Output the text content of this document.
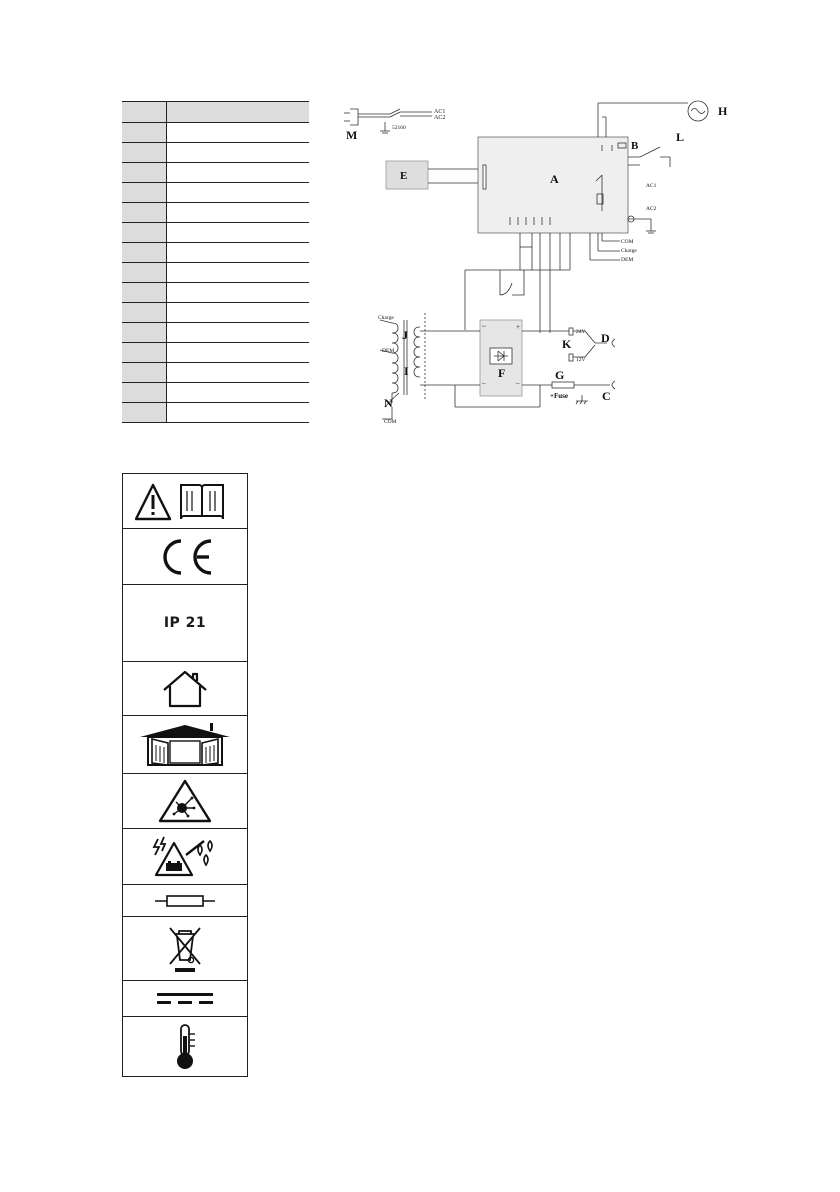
M
AC1
AC2
52160
A
B
AC1
AC2
COM
Charge
DEM
E
H
L
Charge
DEM
COM
J
I
N
F
~	+
–	–
24V
12V
K D
G
+Fuse	C
IP 21
